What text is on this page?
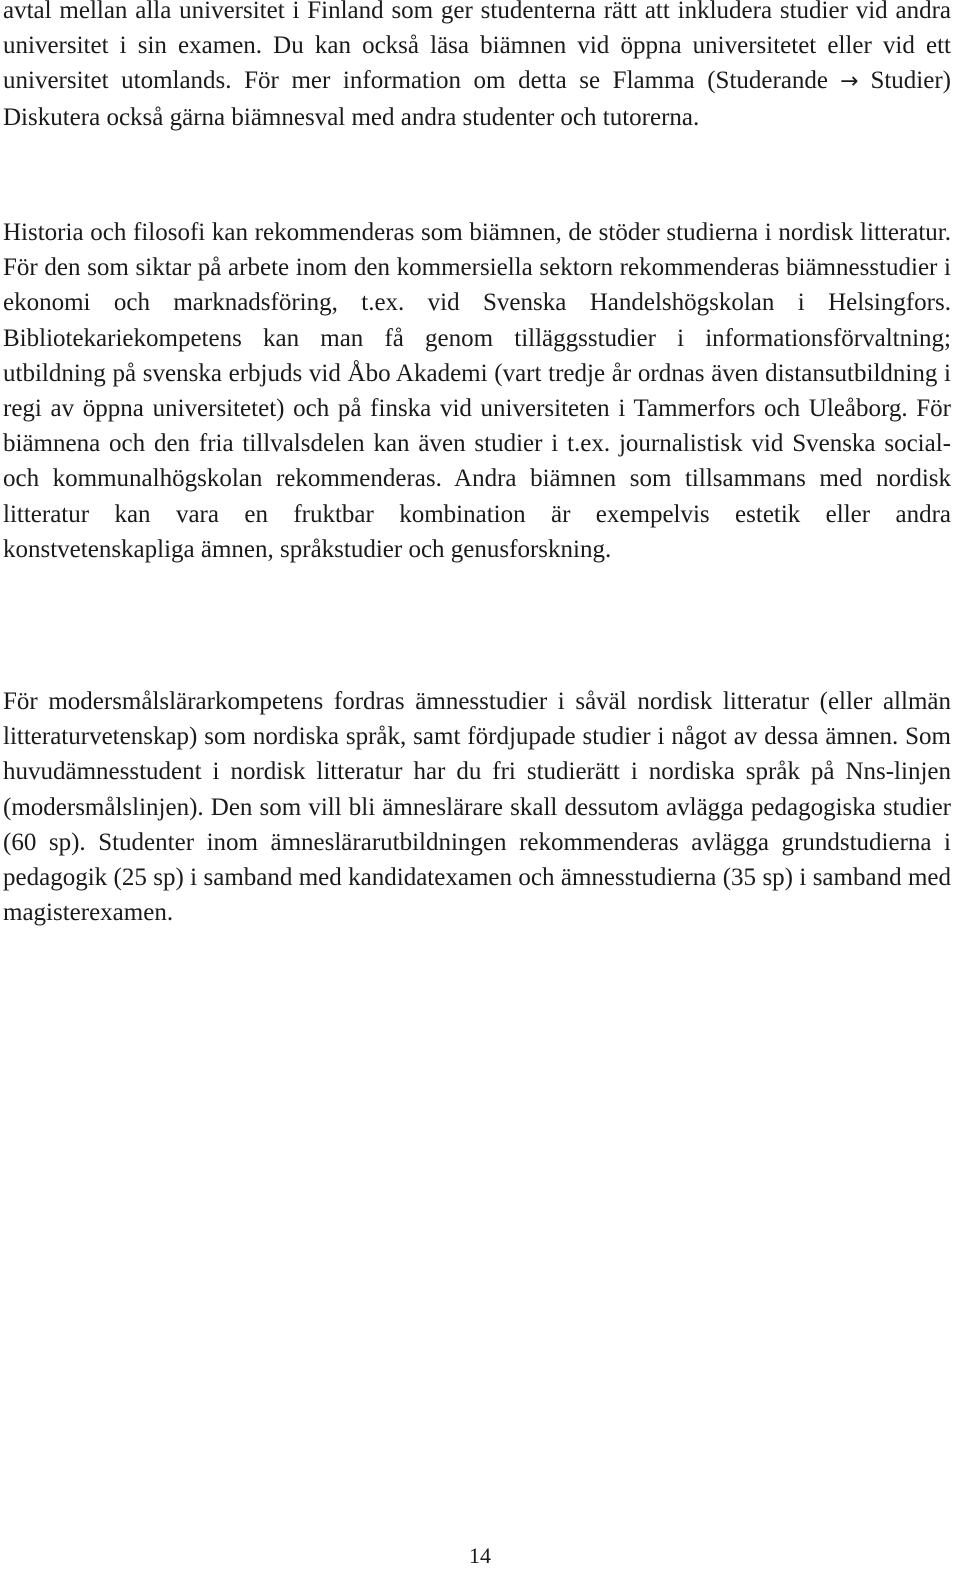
avtal mellan alla universitet i Finland som ger studenterna rätt att inkludera studier vid andra universitet i sin examen. Du kan också läsa biämnen vid öppna universitetet eller vid ett universitet utomlands. För mer information om detta se Flamma (Studerande → Studier) Diskutera också gärna biämnesval med andra studenter och tutorerna.

Historia och filosofi kan rekommenderas som biämnen, de stöder studierna i nordisk litteratur. För den som siktar på arbete inom den kommersiella sektorn rekommenderas biämnesstudier i ekonomi och marknadsföring, t.ex. vid Svenska Handelshögskolan i Helsingfors. Bibliotekariekompetens kan man få genom tilläggsstudier i informationsförvaltning; utbildning på svenska erbjuds vid Åbo Akademi (vart tredje år ordnas även distansutbildning i regi av öppna universitetet) och på finska vid universiteten i Tammerfors och Uleåborg. För biämnena och den fria tillvalsdelen kan även studier i t.ex. journalistisk vid Svenska social- och kommunalhögskolan rekommenderas. Andra biämnen som tillsammans med nordisk litteratur kan vara en fruktbar kombination är exempelvis estetik eller andra konstvetenskapliga ämnen, språkstudier och genusforskning.

För modersmålslärarkompetens fordras ämnesstudier i såväl nordisk litteratur (eller allmän litteraturvetenskap) som nordiska språk, samt fördjupade studier i något av dessa ämnen. Som huvudämnesstudent i nordisk litteratur har du fri studierätt i nordiska språk på Nns-linjen (modersmålslinjen). Den som vill bli ämneslärare skall dessutom avlägga pedagogiska studier (60 sp). Studenter inom ämneslärarutbildningen rekommenderas avlägga grundstudierna i pedagogik (25 sp) i samband med kandidatexamen och ämnesstudierna (35 sp) i samband med magisterexamen.

14
